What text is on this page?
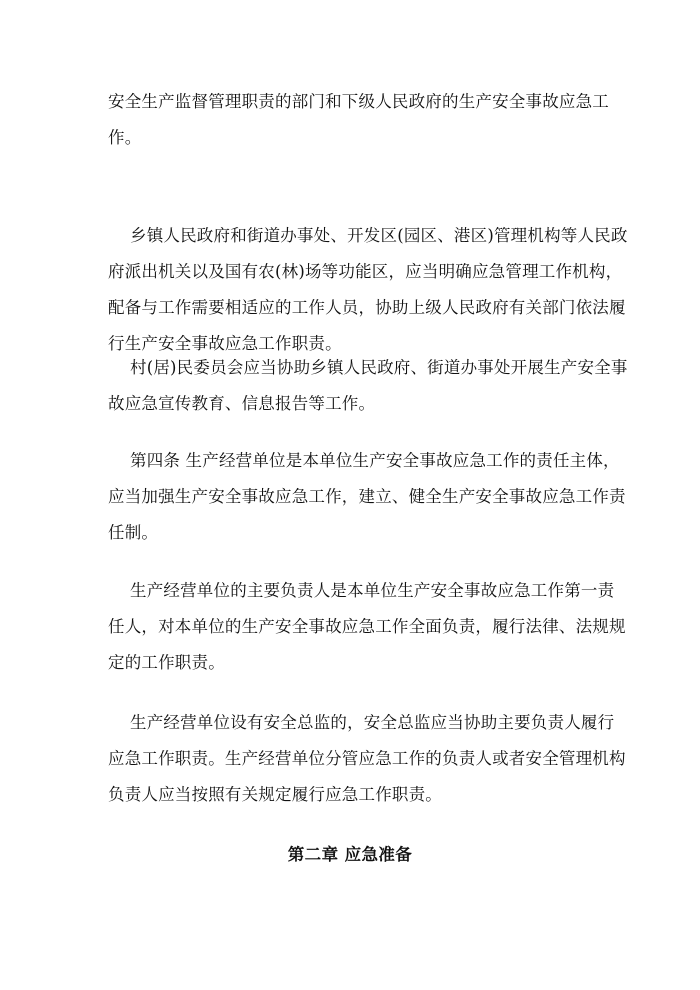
安全生产监督管理职责的部门和下级人民政府的生产安全事故应急工
作。
乡镇人民政府和街道办事处、开发区(园区、港区)管理机构等人民政
府派出机关以及国有农(林)场等功能区，应当明确应急管理工作机构，
配备与工作需要相适应的工作人员，协助上级人民政府有关部门依法履
行生产安全事故应急工作职责。
村(居)民委员会应当协助乡镇人民政府、街道办事处开展生产安全事
故应急宣传教育、信息报告等工作。
第四条 生产经营单位是本单位生产安全事故应急工作的责任主体，
应当加强生产安全事故应急工作，建立、健全生产安全事故应急工作责
任制。
生产经营单位的主要负责人是本单位生产安全事故应急工作第一责
任人，对本单位的生产安全事故应急工作全面负责，履行法律、法规规
定的工作职责。
生产经营单位设有安全总监的，安全总监应当协助主要负责人履行
应急工作职责。生产经营单位分管应急工作的负责人或者安全管理机构
负责人应当按照有关规定履行应急工作职责。
第二章 应急准备
